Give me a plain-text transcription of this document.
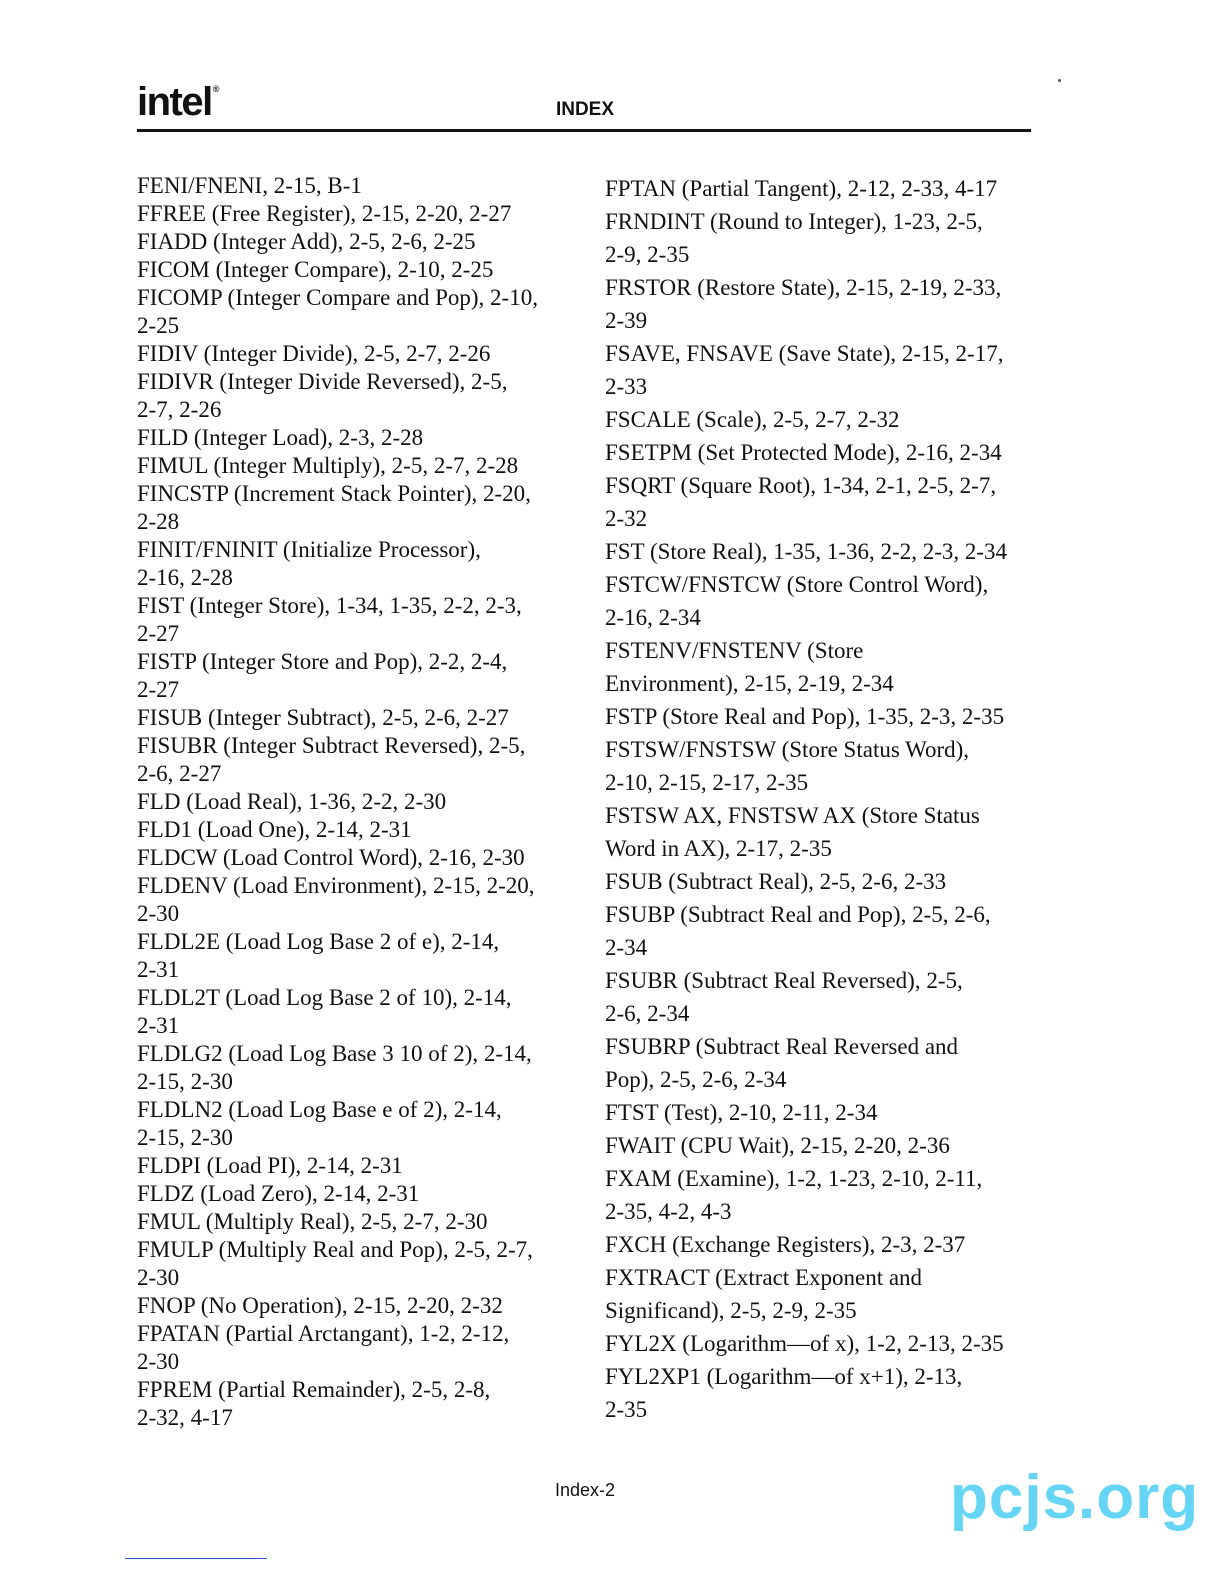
intel®
INDEX
FENI/FNENI, 2-15, B-1
FFREE (Free Register), 2-15, 2-20, 2-27
FIADD (Integer Add), 2-5, 2-6, 2-25
FICOM (Integer Compare), 2-10, 2-25
FICOMP (Integer Compare and Pop), 2-10,
2-25
FIDIV (Integer Divide), 2-5, 2-7, 2-26
FIDIVR (Integer Divide Reversed), 2-5,
2-7, 2-26
FILD (Integer Load), 2-3, 2-28
FIMUL (Integer Multiply), 2-5, 2-7, 2-28
FINCSTP (Increment Stack Pointer), 2-20,
2-28
FINIT/FNINIT (Initialize Processor),
2-16, 2-28
FIST (Integer Store), 1-34, 1-35, 2-2, 2-3,
2-27
FISTP (Integer Store and Pop), 2-2, 2-4,
2-27
FISUB (Integer Subtract), 2-5, 2-6, 2-27
FISUBR (Integer Subtract Reversed), 2-5,
2-6, 2-27
FLD (Load Real), 1-36, 2-2, 2-30
FLD1 (Load One), 2-14, 2-31
FLDCW (Load Control Word), 2-16, 2-30
FLDENV (Load Environment), 2-15, 2-20,
2-30
FLDL2E (Load Log Base 2 of e), 2-14,
2-31
FLDL2T (Load Log Base 2 of 10), 2-14,
2-31
FLDLG2 (Load Log Base 3 10 of 2), 2-14,
2-15, 2-30
FLDLN2 (Load Log Base e of 2), 2-14,
2-15, 2-30
FLDPI (Load PI), 2-14, 2-31
FLDZ (Load Zero), 2-14, 2-31
FMUL (Multiply Real), 2-5, 2-7, 2-30
FMULP (Multiply Real and Pop), 2-5, 2-7,
2-30
FNOP (No Operation), 2-15, 2-20, 2-32
FPATAN (Partial Arctangant), 1-2, 2-12,
2-30
FPREM (Partial Remainder), 2-5, 2-8,
2-32, 4-17
FPTAN (Partial Tangent), 2-12, 2-33, 4-17
FRNDINT (Round to Integer), 1-23, 2-5,
2-9, 2-35
FRSTOR (Restore State), 2-15, 2-19, 2-33,
2-39
FSAVE, FNSAVE (Save State), 2-15, 2-17,
2-33
FSCALE (Scale), 2-5, 2-7, 2-32
FSETPM (Set Protected Mode), 2-16, 2-34
FSQRT (Square Root), 1-34, 2-1, 2-5, 2-7,
2-32
FST (Store Real), 1-35, 1-36, 2-2, 2-3, 2-34
FSTCW/FNSTCW (Store Control Word),
2-16, 2-34
FSTENV/FNSTENV (Store
Environment), 2-15, 2-19, 2-34
FSTP (Store Real and Pop), 1-35, 2-3, 2-35
FSTSW/FNSTSW (Store Status Word),
2-10, 2-15, 2-17, 2-35
FSTSW AX, FNSTSW AX (Store Status
Word in AX), 2-17, 2-35
FSUB (Subtract Real), 2-5, 2-6, 2-33
FSUBP (Subtract Real and Pop), 2-5, 2-6,
2-34
FSUBR (Subtract Real Reversed), 2-5,
2-6, 2-34
FSUBRP (Subtract Real Reversed and
Pop), 2-5, 2-6, 2-34
FTST (Test), 2-10, 2-11, 2-34
FWAIT (CPU Wait), 2-15, 2-20, 2-36
FXAM (Examine), 1-2, 1-23, 2-10, 2-11,
2-35, 4-2, 4-3
FXCH (Exchange Registers), 2-3, 2-37
FXTRACT (Extract Exponent and
Significand), 2-5, 2-9, 2-35
FYL2X (Logarithm—of x), 1-2, 2-13, 2-35
FYL2XP1 (Logarithm—of x+1), 2-13,
2-35
Index-2	pcjs.org
